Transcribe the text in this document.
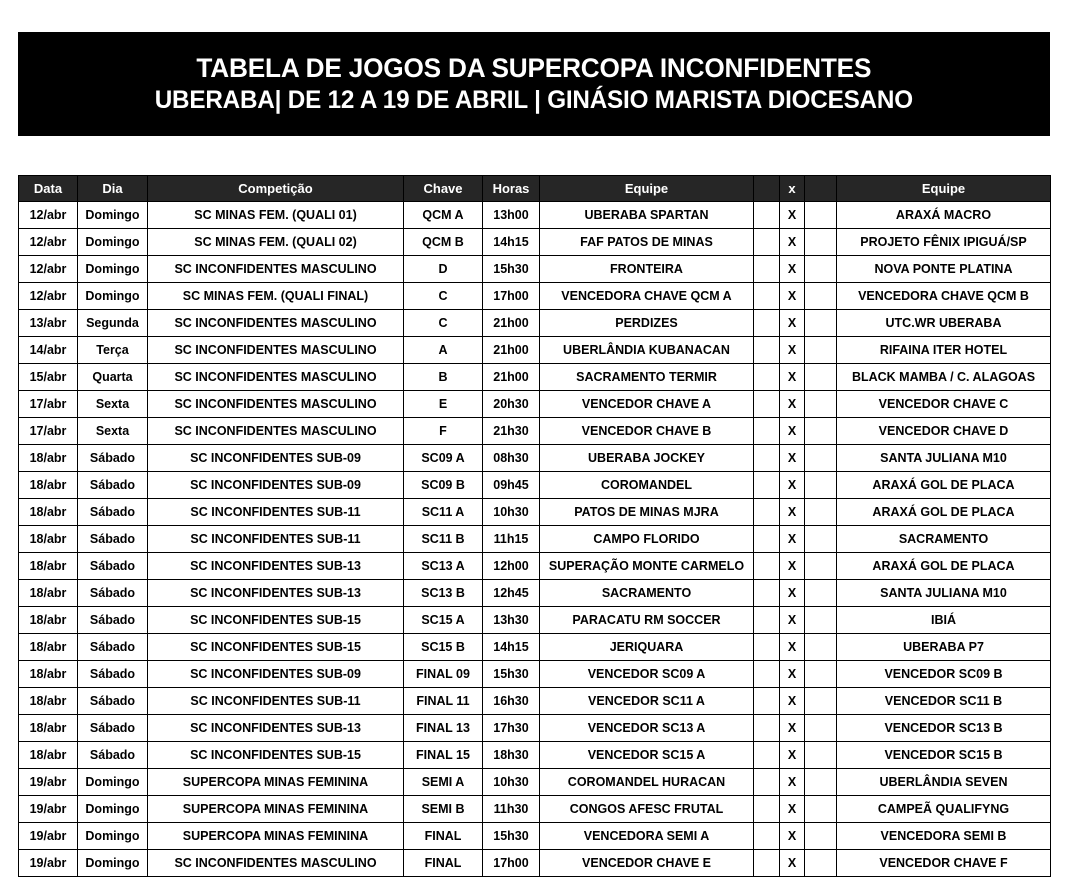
TABELA DE JOGOS DA SUPERCOPA INCONFIDENTES
UBERABA| DE 12 A 19 DE ABRIL | GINÁSIO MARISTA DIOCESANO
Data	Dia	Competição	Chave	Horas	Equipe		x		Equipe
12/abr	Domingo	SC MINAS FEM. (QUALI 01)	QCM A	13h00	UBERABA SPARTAN		X		ARAXÁ MACRO
12/abr	Domingo	SC MINAS FEM. (QUALI 02)	QCM B	14h15	FAF PATOS DE MINAS		X		PROJETO FÊNIX IPIGUÁ/SP
12/abr	Domingo	SC INCONFIDENTES MASCULINO	D	15h30	FRONTEIRA		X		NOVA PONTE PLATINA
12/abr	Domingo	SC MINAS FEM. (QUALI FINAL)	C	17h00	VENCEDORA CHAVE QCM A		X		VENCEDORA CHAVE QCM B
13/abr	Segunda	SC INCONFIDENTES MASCULINO	C	21h00	PERDIZES		X		UTC.WR UBERABA
14/abr	Terça	SC INCONFIDENTES MASCULINO	A	21h00	UBERLÂNDIA KUBANACAN		X		RIFAINA ITER HOTEL
15/abr	Quarta	SC INCONFIDENTES MASCULINO	B	21h00	SACRAMENTO TERMIR		X		BLACK MAMBA / C. ALAGOAS
17/abr	Sexta	SC INCONFIDENTES MASCULINO	E	20h30	VENCEDOR CHAVE A		X		VENCEDOR CHAVE C
17/abr	Sexta	SC INCONFIDENTES MASCULINO	F	21h30	VENCEDOR CHAVE B		X		VENCEDOR CHAVE D
18/abr	Sábado	SC INCONFIDENTES SUB-09	SC09 A	08h30	UBERABA JOCKEY		X		SANTA JULIANA M10
18/abr	Sábado	SC INCONFIDENTES SUB-09	SC09 B	09h45	COROMANDEL		X		ARAXÁ GOL DE PLACA
18/abr	Sábado	SC INCONFIDENTES SUB-11	SC11 A	10h30	PATOS DE MINAS MJRA		X		ARAXÁ GOL DE PLACA
18/abr	Sábado	SC INCONFIDENTES SUB-11	SC11 B	11h15	CAMPO FLORIDO		X		SACRAMENTO
18/abr	Sábado	SC INCONFIDENTES SUB-13	SC13 A	12h00	SUPERAÇÃO MONTE CARMELO		X		ARAXÁ GOL DE PLACA
18/abr	Sábado	SC INCONFIDENTES SUB-13	SC13 B	12h45	SACRAMENTO		X		SANTA JULIANA M10
18/abr	Sábado	SC INCONFIDENTES SUB-15	SC15 A	13h30	PARACATU RM SOCCER		X		IBIÁ
18/abr	Sábado	SC INCONFIDENTES SUB-15	SC15 B	14h15	JERIQUARA		X		UBERABA P7
18/abr	Sábado	SC INCONFIDENTES SUB-09	FINAL 09	15h30	VENCEDOR SC09 A		X		VENCEDOR SC09 B
18/abr	Sábado	SC INCONFIDENTES SUB-11	FINAL 11	16h30	VENCEDOR SC11 A		X		VENCEDOR SC11 B
18/abr	Sábado	SC INCONFIDENTES SUB-13	FINAL 13	17h30	VENCEDOR SC13 A		X		VENCEDOR SC13 B
18/abr	Sábado	SC INCONFIDENTES SUB-15	FINAL 15	18h30	VENCEDOR SC15 A		X		VENCEDOR SC15 B
19/abr	Domingo	SUPERCOPA MINAS FEMININA	SEMI A	10h30	COROMANDEL HURACAN		X		UBERLÂNDIA SEVEN
19/abr	Domingo	SUPERCOPA MINAS FEMININA	SEMI B	11h30	CONGOS AFESC FRUTAL		X		CAMPEÃ QUALIFYNG
19/abr	Domingo	SUPERCOPA MINAS FEMININA	FINAL	15h30	VENCEDORA SEMI A		X		VENCEDORA SEMI B
19/abr	Domingo	SC INCONFIDENTES MASCULINO	FINAL	17h00	VENCEDOR CHAVE E		X		VENCEDOR CHAVE F
